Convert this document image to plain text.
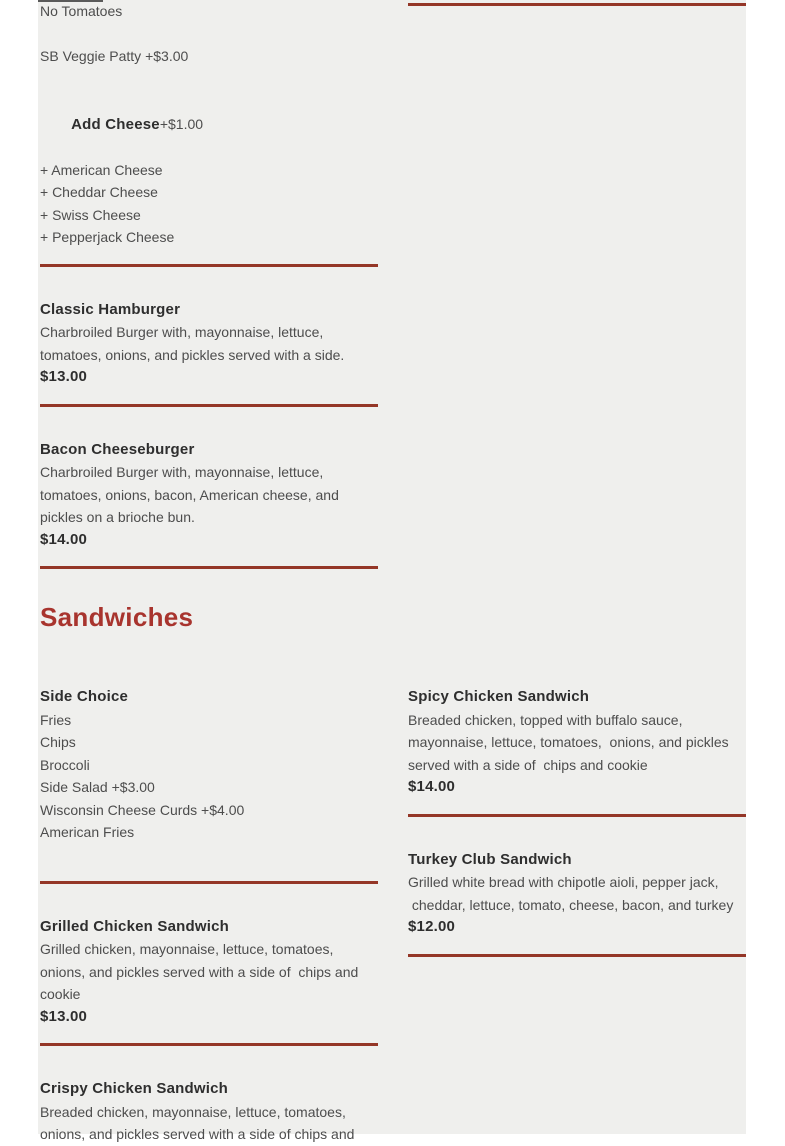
No Tomatoes
SB Veggie Patty +$3.00

Add Cheese+$1.00

+ American Cheese
+ Cheddar Cheese
+ Swiss Cheese
+ Pepperjack Cheese
Classic Hamburger
Charbroiled Burger with, mayonnaise, lettuce,
tomatoes, onions, and pickles served with a side.
$13.00
Bacon Cheeseburger
Charbroiled Burger with, mayonnaise, lettuce,
tomatoes, onions, bacon, American cheese, and
pickles on a brioche bun.
$14.00
Sandwiches
Side Choice
Fries
Chips
Broccoli
Side Salad +$3.00
Wisconsin Cheese Curds +$4.00
American Fries
Grilled Chicken Sandwich
Grilled chicken, mayonnaise, lettuce, tomatoes,
onions, and pickles served with a side of  chips and
cookie
$13.00
Crispy Chicken Sandwich
Breaded chicken, mayonnaise, lettuce, tomatoes,
onions, and pickles served with a side of chips and
Spicy Chicken Sandwich
Breaded chicken, topped with buffalo sauce,
mayonnaise, lettuce, tomatoes,  onions, and pickles
served with a side of  chips and cookie
$14.00
Turkey Club Sandwich
Grilled white bread with chipotle aioli, pepper jack,
cheddar, lettuce, tomato, cheese, bacon, and turkey
$12.00
